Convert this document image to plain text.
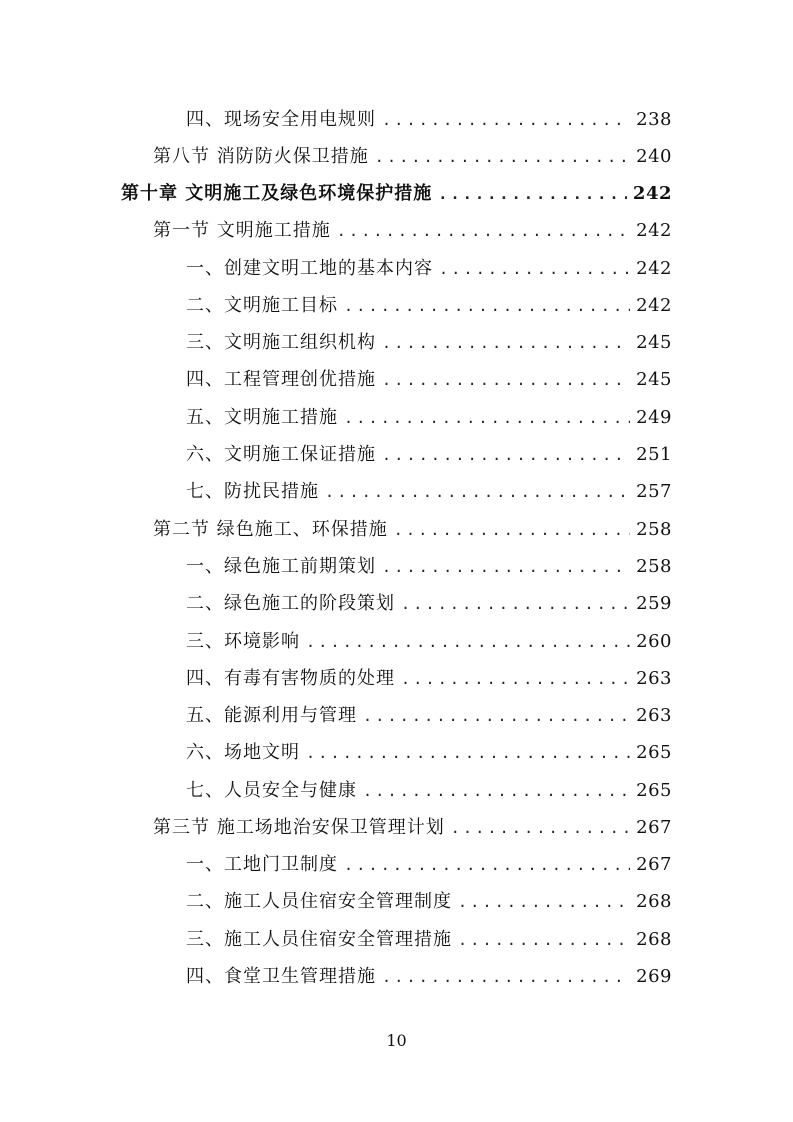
四、现场安全用电规则 .....	238
第八节 消防防火保卫措施 .....	240
第十章 文明施工及绿色环境保护措施 .....	242
第一节 文明施工措施 .....	242
一、创建文明工地的基本内容 .....	242
二、文明施工目标 .....	242
三、文明施工组织机构 .....	245
四、工程管理创优措施 .....	245
五、文明施工措施 .....	249
六、文明施工保证措施 .....	251
七、防扰民措施 .....	257
第二节 绿色施工、环保措施 .....	258
一、绿色施工前期策划 .....	258
二、绿色施工的阶段策划 .....	259
三、环境影响 .....	260
四、有毒有害物质的处理 .....	263
五、能源利用与管理 .....	263
六、场地文明 .....	265
七、人员安全与健康 .....	265
第三节 施工场地治安保卫管理计划 .....	267
一、工地门卫制度 .....	267
二、施工人员住宿安全管理制度 .....	268
三、施工人员住宿安全管理措施 .....	268
四、食堂卫生管理措施 .....	269
10
